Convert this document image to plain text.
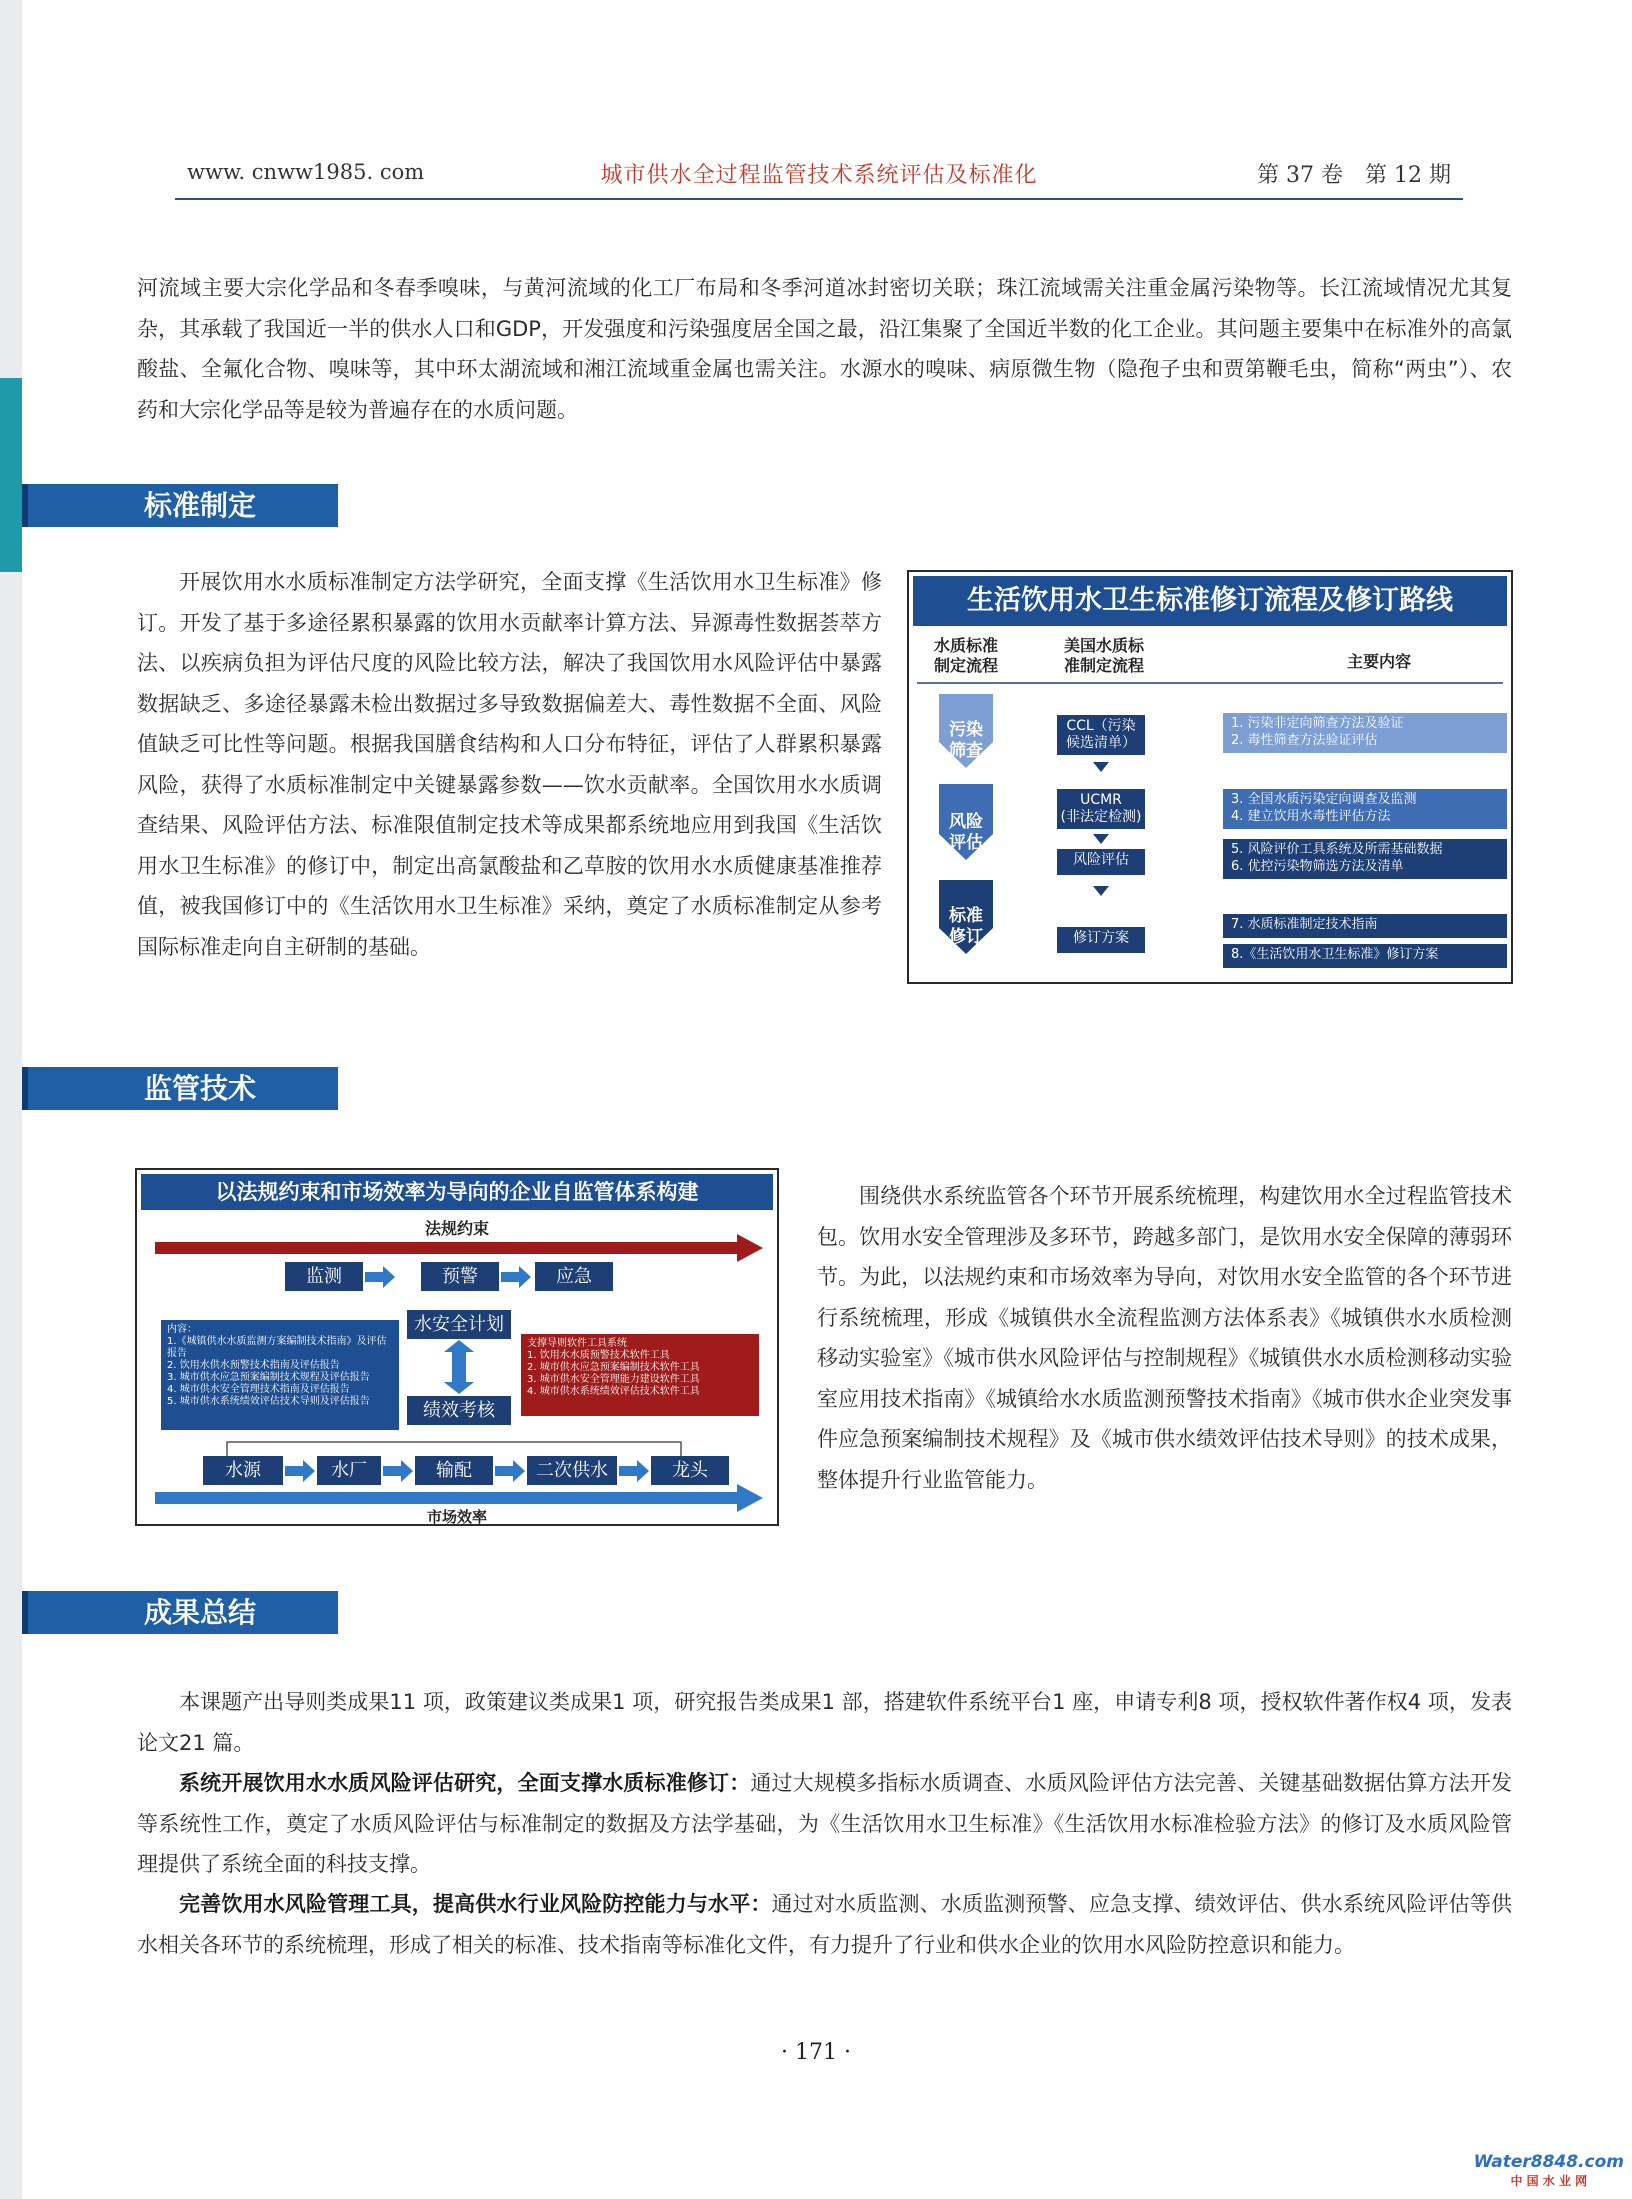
www. cnww1985. com	城市供水全过程监管技术系统评估及标准化	第 37 卷　第 12 期

河流域主要大宗化学品和冬春季嗅味，与黄河流域的化工厂布局和冬季河道冰封密切关联；珠江流域需关注重金属污染物等。长江流域情况尤其复杂，其承载了我国近一半的供水人口和GDP，开发强度和污染强度居全国之最，沿江集聚了全国近半数的化工企业。其问题主要集中在标准外的高氯酸盐、全氟化合物、嗅味等，其中环太湖流域和湘江流域重金属也需关注。水源水的嗅味、病原微生物（隐孢子虫和贾第鞭毛虫，简称“两虫”）、农药和大宗化学品等是较为普遍存在的水质问题。

标准制定

开展饮用水水质标准制定方法学研究，全面支撑《生活饮用水卫生标准》修订。开发了基于多途径累积暴露的饮用水贡献率计算方法、异源毒性数据荟萃方法、以疾病负担为评估尺度的风险比较方法，解决了我国饮用水风险评估中暴露数据缺乏、多途径暴露未检出数据过多导致数据偏差大、毒性数据不全面、风险值缺乏可比性等问题。根据我国膳食结构和人口分布特征，评估了人群累积暴露风险，获得了水质标准制定中关键暴露参数——饮水贡献率。全国饮用水水质调查结果、风险评估方法、标准限值制定技术等成果都系统地应用到我国《生活饮用水卫生标准》的修订中，制定出高氯酸盐和乙草胺的饮用水水质健康基准推荐值，被我国修订中的《生活饮用水卫生标准》采纳，奠定了水质标准制定从参考国际标准走向自主研制的基础。

生活饮用水卫生标准修订流程及修订路线
水质标准
制定流程
美国水质标
准制定流程	主要内容
污染
筛查
风险
评估
标准
修订
CCL（污染
候选清单）
UCMR
(非法定检测)
风险评估
修订方案
1. 污染非定向筛查方法及验证
2. 毒性筛查方法验证评估
3. 全国水质污染定向调查及监测
4. 建立饮用水毒性评估方法
5. 风险评价工具系统及所需基础数据
6. 优控污染物筛选方法及清单
7. 水质标准制定技术指南
8.《生活饮用水卫生标准》修订方案
监管技术

围绕供水系统监管各个环节开展系统梳理，构建饮用水全过程监管技术包。饮用水安全管理涉及多环节，跨越多部门，是饮用水安全保障的薄弱环节。为此，以法规约束和市场效率为导向，对饮用水安全监管的各个环节进行系统梳理，形成《城镇供水全流程监测方法体系表》《城镇供水水质检测移动实验室》《城市供水风险评估与控制规程》《城镇供水水质检测移动实验室应用技术指南》《城镇给水水质监测预警技术指南》《城市供水企业突发事件应急预案编制技术规程》及《城市供水绩效评估技术导则》的技术成果，整体提升行业监管能力。

以法规约束和市场效率为导向的企业自监管体系构建
法规约束
监测	预警	应急
水安全计划
绩效考核

内容：

1.《城镇供水水质监测方案编制技术指南》及评估报告

2. 饮用水供水预警技术指南及评估报告

3. 城市供水应急预案编制技术规程及评估报告

4. 城市供水安全管理技术指南及评估报告

5. 城市供水系统绩效评估技术导则及评估报告

支撑导则软件工具系统

1. 饮用水水质预警技术软件工具

2. 城市供水应急预案编制技术软件工具

3. 城市供水安全管理能力建设软件工具

4. 城市供水系统绩效评估技术软件工具

水源	水厂	输配	二次供水	龙头
市场效率
成果总结

本课题产出导则类成果11 项，政策建议类成果1 项，研究报告类成果1 部，搭建软件系统平台1 座，申请专利8 项，授权软件著作权4 项，发表论文21 篇。

系统开展饮用水水质风险评估研究，全面支撑水质标准修订：通过大规模多指标水质调查、水质风险评估方法完善、关键基础数据估算方法开发等系统性工作，奠定了水质风险评估与标准制定的数据及方法学基础，为《生活饮用水卫生标准》《生活饮用水标准检验方法》的修订及水质风险管理提供了系统全面的科技支撑。

完善饮用水风险管理工具，提高供水行业风险防控能力与水平：通过对水质监测、水质监测预警、应急支撑、绩效评估、供水系统风险评估等供水相关各环节的系统梳理，形成了相关的标准、技术指南等标准化文件，有力提升了行业和供水企业的饮用水风险防控意识和能力。

· 171 ·
Water8848.com
中 国 水 业 网
